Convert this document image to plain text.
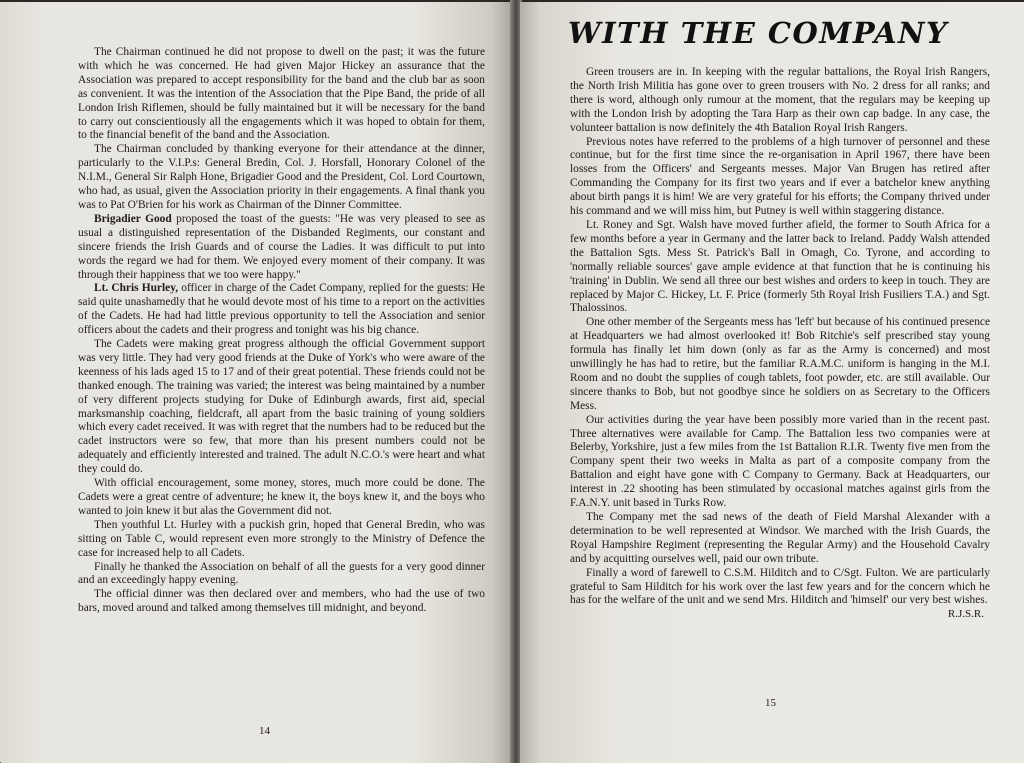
The Chairman continued he did not propose to dwell on the past; it was the future with which he was concerned. He had given Major Hickey an assurance that the Association was prepared to accept responsibility for the band and the club bar as soon as convenient. It was the intention of the Association that the Pipe Band, the pride of all London Irish Riflemen, should be fully maintained but it will be necessary for the band to carry out conscientiously all the engagements which it was hoped to obtain for them, to the financial benefit of the band and the Association.

The Chairman concluded by thanking everyone for their attendance at the dinner, particularly to the V.I.P.s: General Bredin, Col. J. Horsfall, Honorary Colonel of the N.I.M., General Sir Ralph Hone, Brigadier Good and the President, Col. Lord Courtown, who had, as usual, given the Association priority in their engagements. A final thank you was to Pat O'Brien for his work as Chairman of the Dinner Committee.

Brigadier Good proposed the toast of the guests: "He was very pleased to see as usual a distinguished representation of the Disbanded Regiments, our constant and sincere friends the Irish Guards and of course the Ladies. It was difficult to put into words the regard we had for them. We enjoyed every moment of their company. It was through their happiness that we too were happy."

Lt. Chris Hurley, officer in charge of the Cadet Company, replied for the guests: He said quite unashamedly that he would devote most of his time to a report on the activities of the Cadets. He had had little previous opportunity to tell the Association and senior officers about the cadets and their progress and tonight was his big chance.

The Cadets were making great progress although the official Government support was very little. They had very good friends at the Duke of York's who were aware of the keenness of his lads aged 15 to 17 and of their great potential. These friends could not be thanked enough. The training was varied; the interest was being maintained by a number of very different projects studying for Duke of Edinburgh awards, first aid, special marksmanship coaching, fieldcraft, all apart from the basic training of young soldiers which every cadet received. It was with regret that the numbers had to be reduced but the cadet instructors were so few, that more than his present numbers could not be adequately and efficiently interested and trained. The adult N.C.O.'s were heart and what they could do.

With official encouragement, some money, stores, much more could be done. The Cadets were a great centre of adventure; he knew it, the boys knew it, and the boys who wanted to join knew it but alas the Government did not.

Then youthful Lt. Hurley with a puckish grin, hoped that General Bredin, who was sitting on Table C, would represent even more strongly to the Ministry of Defence the case for increased help to all Cadets.

Finally he thanked the Association on behalf of all the guests for a very good dinner and an exceedingly happy evening.

The official dinner was then declared over and members, who had the use of two bars, moved around and talked among themselves till midnight, and beyond.

14
WITH THE COMPANY

Green trousers are in. In keeping with the regular battalions, the Royal Irish Rangers, the North Irish Militia has gone over to green trousers with No. 2 dress for all ranks; and there is word, although only rumour at the moment, that the regulars may be keeping up with the London Irish by adopting the Tara Harp as their own cap badge. In any case, the volunteer battalion is now definitely the 4th Batalion Royal Irish Rangers.

Previous notes have referred to the problems of a high turnover of personnel and these continue, but for the first time since the re-organisation in April 1967, there have been losses from the Officers' and Sergeants messes. Major Van Brugen has retired after Commanding the Company for its first two years and if ever a batchelor knew anything about birth pangs it is him! We are very grateful for his efforts; the Company thrived under his command and we will miss him, but Putney is well within staggering distance.

Lt. Roney and Sgt. Walsh have moved further afield, the former to South Africa for a few months before a year in Germany and the latter back to Ireland. Paddy Walsh attended the Battalion Sgts. Mess St. Patrick's Ball in Omagh, Co. Tyrone, and according to 'normally reliable sources' gave ample evidence at that function that he is continuing his 'training' in Dublin. We send all three our best wishes and orders to keep in touch. They are replaced by Major C. Hickey, Lt. F. Price (formerly 5th Royal Irish Fusiliers T.A.) and Sgt. Thalossinos.

One other member of the Sergeants mess has 'left' but because of his continued presence at Headquarters we had almost overlooked it! Bob Ritchie's self prescribed stay young formula has finally let him down (only as far as the Army is concerned) and most unwillingly he has had to retire, but the familiar R.A.M.C. uniform is hanging in the M.I. Room and no doubt the supplies of cough tablets, foot powder, etc. are still available. Our sincere thanks to Bob, but not goodbye since he soldiers on as Secretary to the Officers Mess.

Our activities during the year have been possibly more varied than in the recent past. Three alternatives were available for Camp. The Battalion less two companies were at Belerby, Yorkshire, just a few miles from the 1st Battalion R.I.R. Twenty five men from the Company spent their two weeks in Malta as part of a composite company from the Battalion and eight have gone with C Company to Germany. Back at Headquarters, our interest in .22 shooting has been stimulated by occasional matches against girls from the F.A.N.Y. unit based in Turks Row.

The Company met the sad news of the death of Field Marshal Alexander with a determination to be well represented at Windsor. We marched with the Irish Guards, the Royal Hampshire Regiment (representing the Regular Army) and the Household Cavalry and by acquitting ourselves well, paid our own tribute.

Finally a word of farewell to C.S.M. Hilditch and to C/Sgt. Fulton. We are particularly grateful to Sam Hilditch for his work over the last few years and for the concern which he has for the welfare of the unit and we send Mrs. Hilditch and 'himself' our very best wishes.

R.J.S.R.
15
